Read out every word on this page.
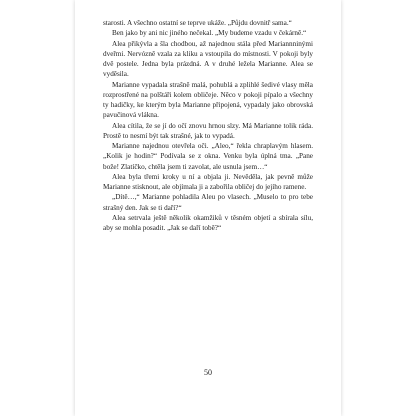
starosti. A všechno ostatní se teprve ukáže. „Půjdu dovnitř sama.“

Ben jako by ani nic jiného nečekal. „My budeme vzadu v čekárně.“

Alea přikývla a šla chodbou, až najednou stála před Mariannninými dveřmi. Nervózně vzala za kliku a vstoupila do místnosti. V pokoji byly dvě postele. Jedna byla prázdná. A v druhé ležela Marianne. Alea se vyděsila.

Marianne vypadala strašně malá, pohublá a zplihlé šedivé vlasy měla rozprostřené na polštáři kolem obličeje. Něco v pokoji pípalo a všechny ty hadičky, ke kterým byla Marianne připojená, vypadaly jako obrovská pavučinová vlákna.

Alea cítila, že se jí do očí znovu hrnou slzy. Má Marianne tolik ráda. Prostě to nesmí být tak strašné, jak to vypadá.

Marianne najednou otevřela oči. „Aleo,“ řekla chraplavým hlasem. „Kolik je hodin?“ Podívala se z okna. Venku byla úplná tma. „Pane bože! Zlatíčko, chtěla jsem ti zavolat, ale usnula jsem…“

Alea byla třemi kroky u ní a objala ji. Nevěděla, jak pevně může Marianne stisknout, ale objímala ji a zabořila obličej do jejího ramene.

„Dítě…,“ Marianne pohladila Aleu po vlasech. „Muselo to pro tebe strašný den. Jak se ti daří?“

Alea setrvala ještě několik okamžiků v těsném objetí a sbírala sílu, aby se mohla posadit. „Jak se daří tobě?“

50
